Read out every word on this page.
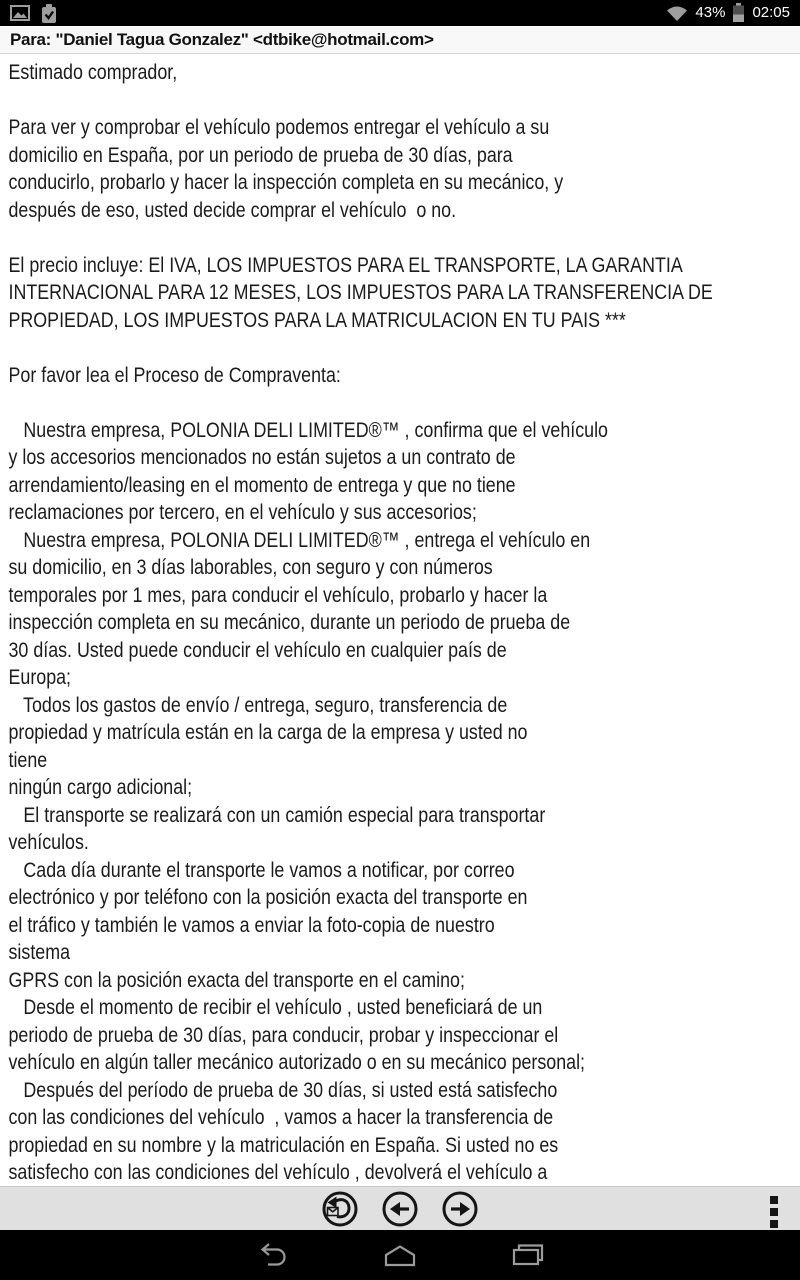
43% 02:05
Para: "Daniel Tagua Gonzalez" <dtbike@hotmail.com>
Estimado comprador,
Para ver y comprobar el vehículo podemos entregar el vehículo a su
domicilio en España, por un periodo de prueba de 30 días, para
conducirlo, probarlo y hacer la inspección completa en su mecánico, y
después de eso, usted decide comprar el vehículo  o no.
El precio incluye: El IVA, LOS IMPUESTOS PARA EL TRANSPORTE, LA GARANTIA
INTERNACIONAL PARA 12 MESES, LOS IMPUESTOS PARA LA TRANSFERENCIA DE
PROPIEDAD, LOS IMPUESTOS PARA LA MATRICULACION EN TU PAIS ***
Por favor lea el Proceso de Compraventa:
Nuestra empresa, POLONIA DELI LIMITED®™ , confirma que el vehículo
y los accesorios mencionados no están sujetos a un contrato de
arrendamiento/leasing en el momento de entrega y que no tiene
reclamaciones por tercero, en el vehículo y sus accesorios;
Nuestra empresa, POLONIA DELI LIMITED®™ , entrega el vehículo en
su domicilio, en 3 días laborables, con seguro y con números
temporales por 1 mes, para conducir el vehículo, probarlo y hacer la
inspección completa en su mecánico, durante un periodo de prueba de
30 días. Usted puede conducir el vehículo en cualquier país de
Europa;
Todos los gastos de envío / entrega, seguro, transferencia de
propiedad y matrícula están en la carga de la empresa y usted no
tiene
ningún cargo adicional;
El transporte se realizará con un camión especial para transportar
vehículos.
Cada día durante el transporte le vamos a notificar, por correo
electrónico y por teléfono con la posición exacta del transporte en
el tráfico y también le vamos a enviar la foto-copia de nuestro
sistema
GPRS con la posición exacta del transporte en el camino;
Desde el momento de recibir el vehículo , usted beneficiará de un
periodo de prueba de 30 días, para conducir, probar y inspeccionar el
vehículo en algún taller mecánico autorizado o en su mecánico personal;
Después del período de prueba de 30 días, si usted está satisfecho
con las condiciones del vehículo  , vamos a hacer la transferencia de
propiedad en su nombre y la matriculación en España. Si usted no es
satisfecho con las condiciones del vehículo , devolverá el vehículo a
